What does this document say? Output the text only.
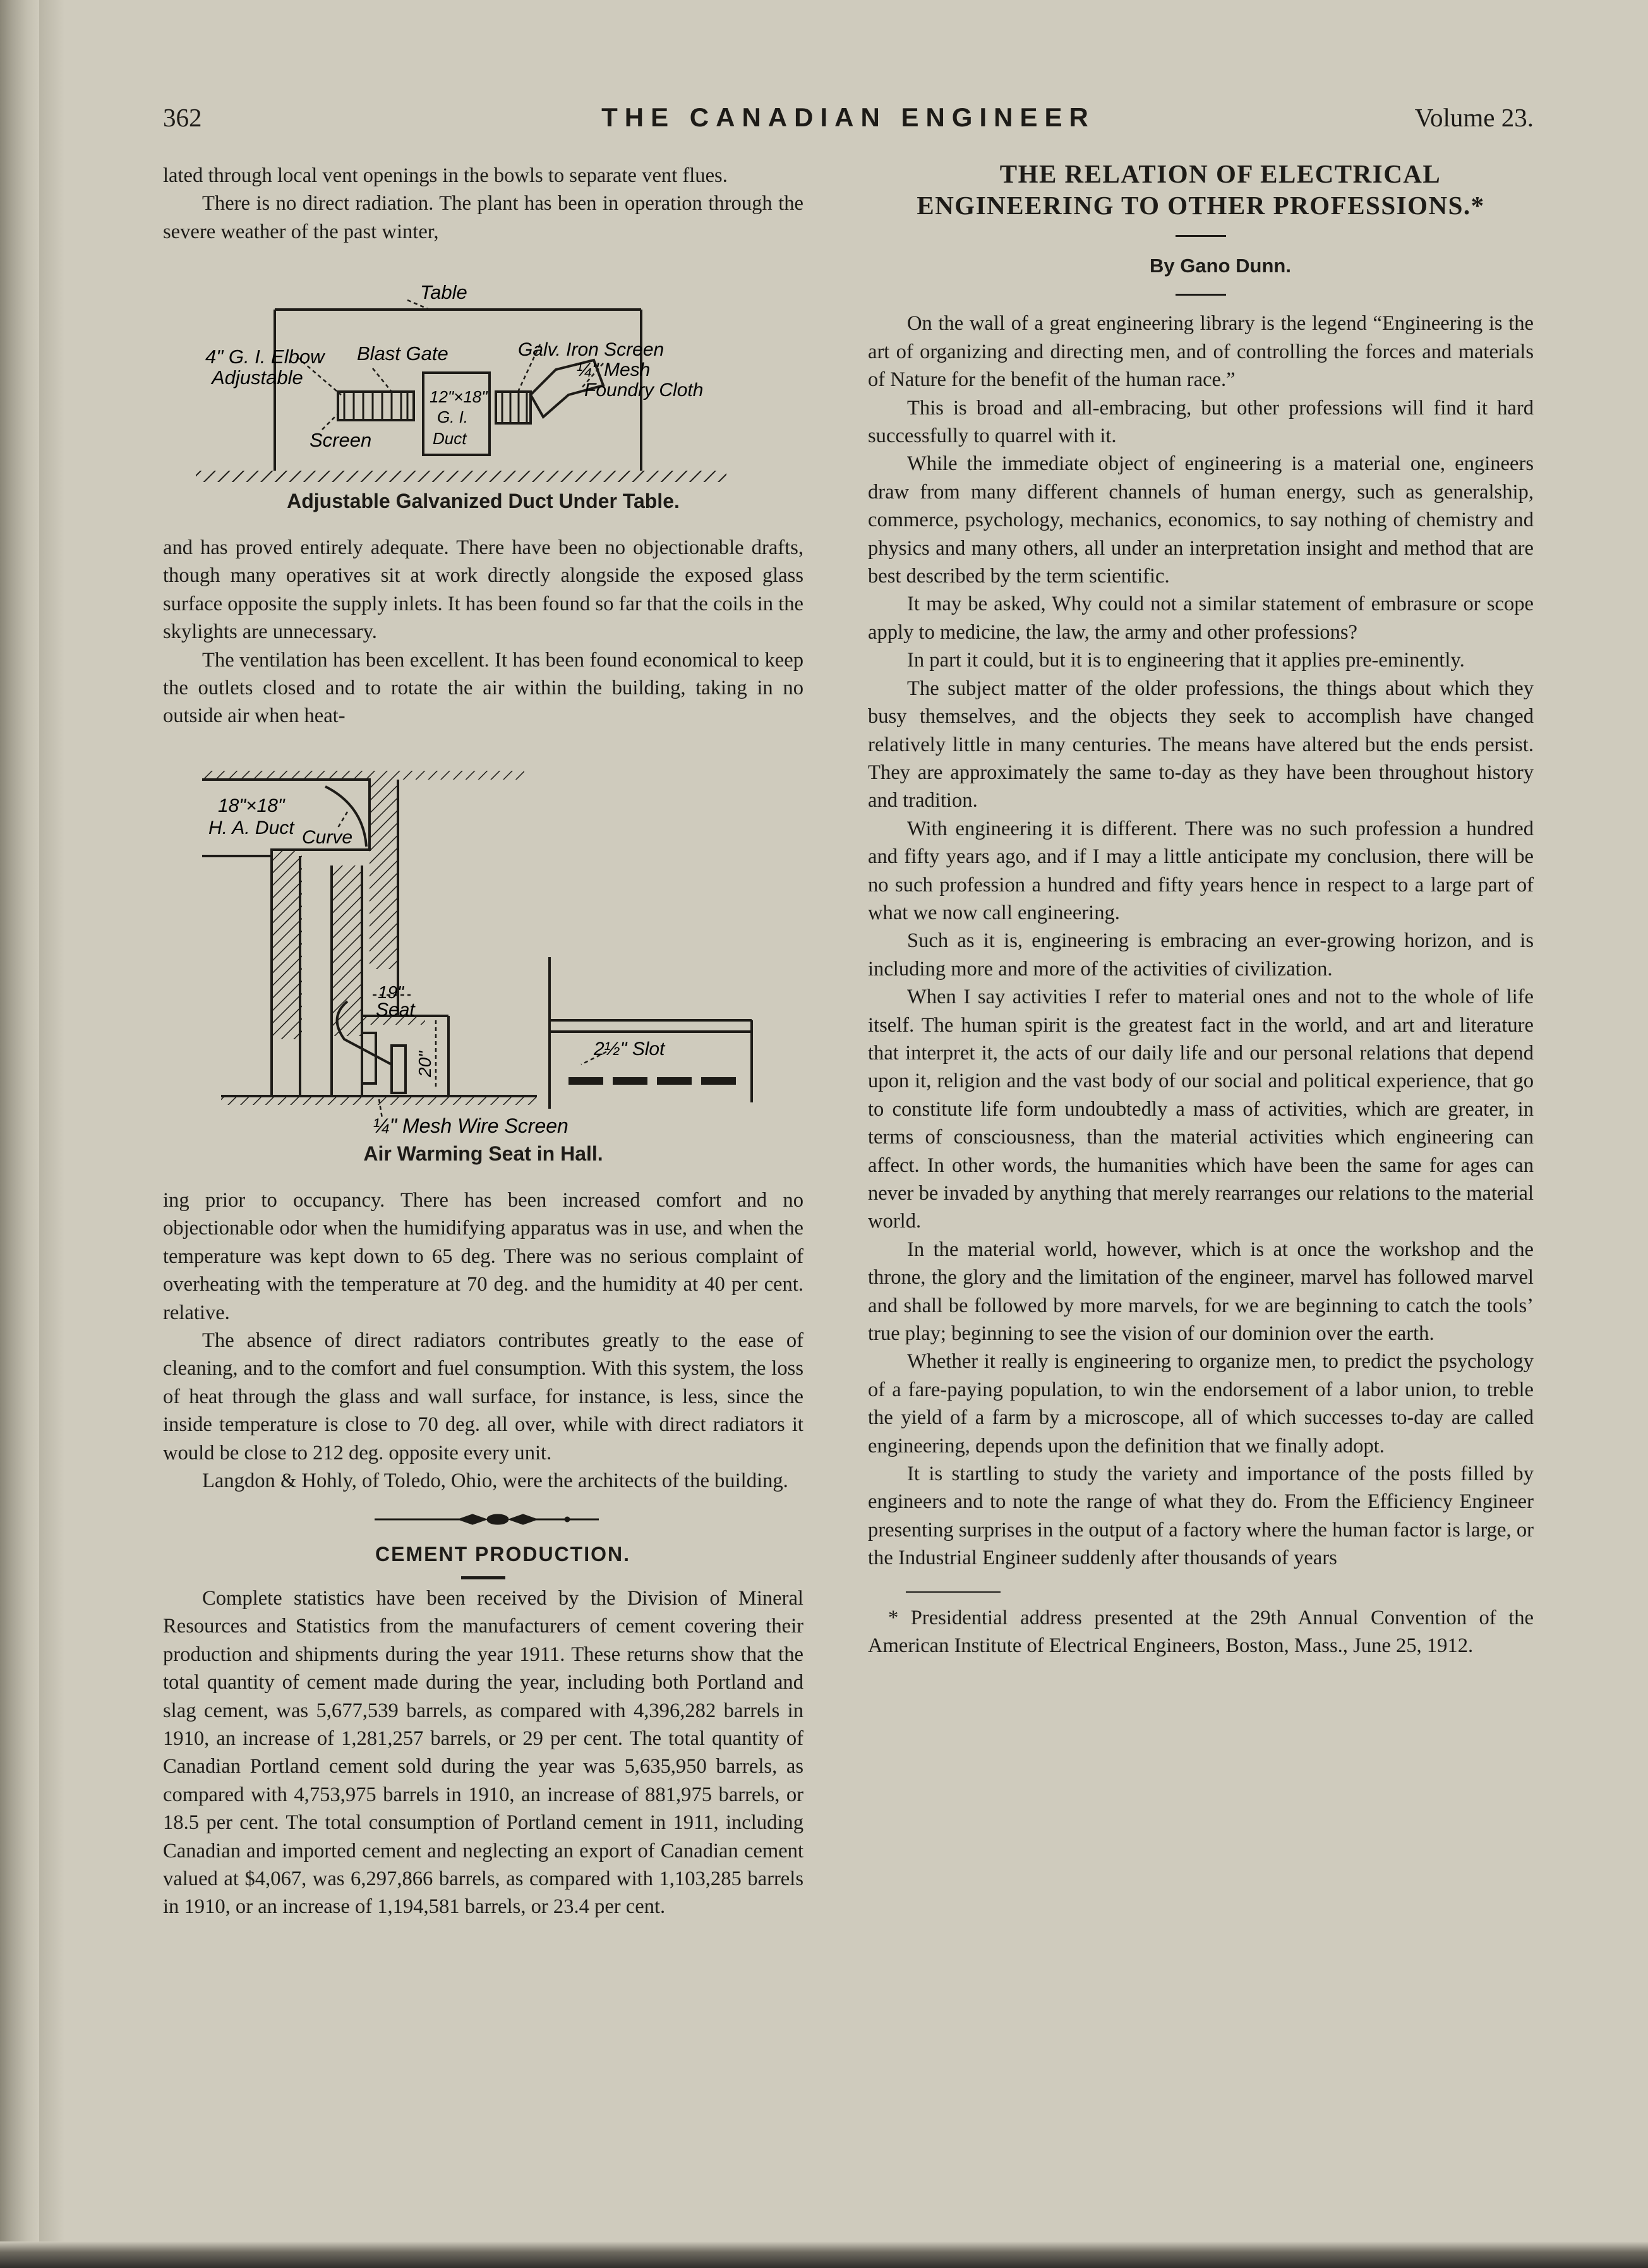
362	THE CANADIAN ENGINEER	Volume 23.

lated through local vent openings in the bowls to separate vent flues.

There is no direct radiation. The plant has been in operation through the severe weather of the past winter,

Table
4" G. I. Elbow
Adjustable
Blast Gate
Screen
12"×18"
G. I.
Duct
Galv. Iron Screen
¼" Mesh
Foundry Cloth
Adjustable Galvanized Duct Under Table.

and has proved entirely adequate. There have been no objectionable drafts, though many operatives sit at work directly alongside the exposed glass surface opposite the supply inlets. It has been found so far that the coils in the skylights are unnecessary.

The ventilation has been excellent. It has been found economical to keep the outlets closed and to rotate the air within the building, taking in no outside air when heat-

18"×18"
H. A. Duct Curve
19"
Seat
20"
2½" Slot
¼" Mesh Wire Screen
Air Warming Seat in Hall.

ing prior to occupancy. There has been increased comfort and no objectionable odor when the humidifying apparatus was in use, and when the temperature was kept down to 65 deg. There was no serious complaint of overheating with the temperature at 70 deg. and the humidity at 40 per cent. relative.

The absence of direct radiators contributes greatly to the ease of cleaning, and to the comfort and fuel consumption. With this system, the loss of heat through the glass and wall surface, for instance, is less, since the inside temperature is close to 70 deg. all over, while with direct radiators it would be close to 212 deg. opposite every unit.

Langdon & Hohly, of Toledo, Ohio, were the architects of the building.

CEMENT PRODUCTION.

Complete statistics have been received by the Division of Mineral Resources and Statistics from the manufacturers of cement covering their production and shipments during the year 1911. These returns show that the total quantity of cement made during the year, including both Portland and slag cement, was 5,677,539 barrels, as compared with 4,396,282 barrels in 1910, an increase of 1,281,257 barrels, or 29 per cent. The total quantity of Canadian Portland cement sold during the year was 5,635,950 barrels, as compared with 4,753,975 barrels in 1910, an increase of 881,975 barrels, or 18.5 per cent. The total consumption of Portland cement in 1911, including Canadian and imported cement and neglecting an export of Canadian cement valued at $4,067, was 6,297,866 barrels, as compared with 1,103,285 barrels in 1910, or an increase of 1,194,581 barrels, or 23.4 per cent.

THE RELATION OF ELECTRICAL ENGINEERING TO OTHER PROFESSIONS.*

By Gano Dunn.

On the wall of a great engineering library is the legend “Engineering is the art of organizing and directing men, and of controlling the forces and materials of Nature for the benefit of the human race.”

This is broad and all-embracing, but other professions will find it hard successfully to quarrel with it.

While the immediate object of engineering is a material one, engineers draw from many different channels of human energy, such as generalship, commerce, psychology, mechanics, economics, to say nothing of chemistry and physics and many others, all under an interpretation insight and method that are best described by the term scientific.

It may be asked, Why could not a similar statement of embrasure or scope apply to medicine, the law, the army and other professions?

In part it could, but it is to engineering that it applies pre-eminently.

The subject matter of the older professions, the things about which they busy themselves, and the objects they seek to accomplish have changed relatively little in many centuries. The means have altered but the ends persist. They are approximately the same to-day as they have been throughout history and tradition.

With engineering it is different. There was no such profession a hundred and fifty years ago, and if I may a little anticipate my conclusion, there will be no such profession a hundred and fifty years hence in respect to a large part of what we now call engineering.

Such as it is, engineering is embracing an ever-growing horizon, and is including more and more of the activities of civilization.

When I say activities I refer to material ones and not to the whole of life itself. The human spirit is the greatest fact in the world, and art and literature that interpret it, the acts of our daily life and our personal relations that depend upon it, religion and the vast body of our social and political experience, that go to constitute life form undoubtedly a mass of activities, which are greater, in terms of consciousness, than the material activities which engineering can affect. In other words, the humanities which have been the same for ages can never be invaded by anything that merely rearranges our relations to the material world.

In the material world, however, which is at once the workshop and the throne, the glory and the limitation of the engineer, marvel has followed marvel and shall be followed by more marvels, for we are beginning to catch the tools’ true play; beginning to see the vision of our dominion over the earth.

Whether it really is engineering to organize men, to predict the psychology of a fare-paying population, to win the endorsement of a labor union, to treble the yield of a farm by a microscope, all of which successes to-day are called engineering, depends upon the definition that we finally adopt.

It is startling to study the variety and importance of the posts filled by engineers and to note the range of what they do. From the Efficiency Engineer presenting surprises in the output of a factory where the human factor is large, or the Industrial Engineer suddenly after thousands of years

* Presidential address presented at the 29th Annual Convention of the American Institute of Electrical Engineers, Boston, Mass., June 25, 1912.
